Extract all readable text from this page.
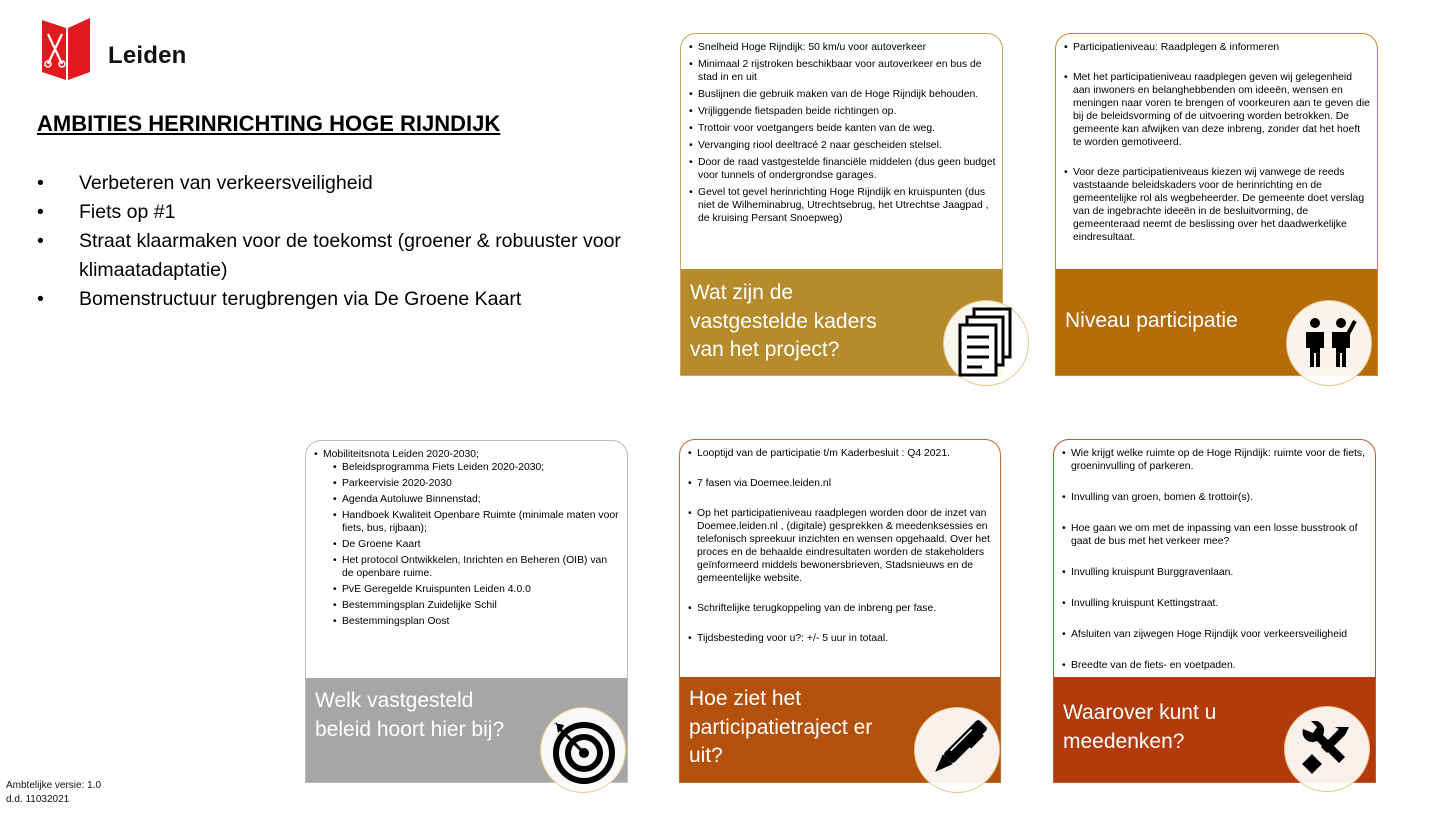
Leiden
AMBITIES HERINRICHTING HOGE RIJNDIJK
• Verbeteren van verkeersveiligheid
• Fiets op #1
• Straat klaarmaken voor de toekomst (groener & robuuster voor klimaatadaptatie)
• Bomenstructuur terugbrengen via De Groene Kaart
• Snelheid Hoge Rijndijk: 50 km/u voor autoverkeer
• Minimaal 2 rijstroken beschikbaar voor autoverkeer en bus de stad in en uit
• Buslijnen die gebruik maken van de Hoge Rijndijk behouden.
• Vrijliggende fietspaden beide richtingen op.
• Trottoir voor voetgangers beide kanten van de weg.
• Vervanging riool deeltracé 2 naar gescheiden stelsel.
• Door de raad vastgestelde financiële middelen (dus geen budget voor tunnels of ondergrondse garages.
• Gevel tot gevel herinrichting Hoge Rijndijk en kruispunten (dus niet de Wilheminabrug, Utrechtsebrug, het Utrechtse Jaagpad , de kruising Persant Snoepweg)
Wat zijn de vastgestelde kaders van het project?
• Participatieniveau: Raadplegen & informeren
• Met het participatieniveau raadplegen geven wij gelegenheid aan inwoners en belanghebbenden om ideeën, wensen en meningen naar voren te brengen of voorkeuren aan te geven die bij de beleidsvorming of de uitvoering worden betrokken. De gemeente kan afwijken van deze inbreng, zonder dat het hoeft te worden gemotiveerd.
• Voor deze participatieniveaus kiezen wij vanwege de reeds vaststaande beleidskaders voor de herinrichting en de gemeentelijke rol als wegbeheerder. De gemeente doet verslag van de ingebrachte ideeën in de besluitvorming, de gemeenteraad neemt de beslissing over het daadwerkelijke eindresultaat.
Niveau participatie
• Mobiliteitsnota Leiden 2020-2030;
• Beleidsprogramma Fiets Leiden 2020-2030;
• Parkeervisie 2020-2030
• Agenda Autoluwe Binnenstad;
• Handboek Kwaliteit Openbare Ruimte (minimale maten voor fiets, bus, rijbaan);
• De Groene Kaart
• Het protocol Ontwikkelen, Inrichten en Beheren (OIB) van de openbare ruime.
• PvE Geregelde Kruispunten Leiden 4.0.0
• Bestemmingsplan Zuidelijke Schil
• Bestemmingsplan Oost
Welk vastgesteld beleid hoort hier bij?
• Looptijd van de participatie t/m Kaderbesluit : Q4 2021.
• 7 fasen via Doemee.leiden.nl
• Op het participatieniveau raadplegen worden door de inzet van Doemee.leiden.nl , (digitale) gesprekken & meedenksessies en telefonisch spreekuur inzichten en wensen opgehaald. Over het proces en de behaalde eindresultaten worden de stakeholders geïnformeerd middels bewonersbrieven, Stadsnieuws en de gemeentelijke website.
• Schriftelijke terugkoppeling van de inbreng per fase.
• Tijdsbesteding voor u?: +/- 5 uur in totaal.
Hoe ziet het participatietraject er uit?
• Wie krijgt welke ruimte op de Hoge Rijndijk: ruimte voor de fiets, groeninvulling of parkeren.
• Invulling van groen, bomen & trottoir(s).
• Hoe gaan we om met de inpassing van een losse busstrook of gaat de bus met het verkeer mee?
• Invulling kruispunt Burggravenlaan.
• Invulling kruispunt Kettingstraat.
• Afsluiten van zijwegen Hoge Rijndijk voor verkeersveiligheid
• Breedte van de fiets- en voetpaden.
Waarover kunt u meedenken?
Ambtelijke versie: 1.0
d.d. 11032021
